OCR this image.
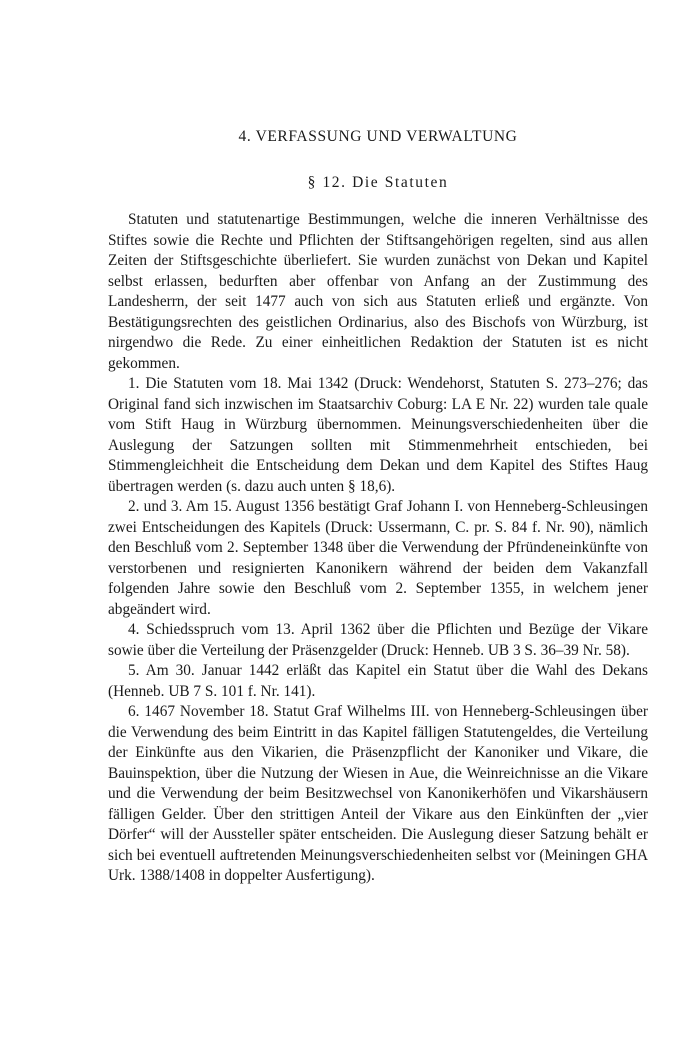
4. VERFASSUNG UND VERWALTUNG
§ 12. Die Statuten

Statuten und statutenartige Bestimmungen, welche die inneren Verhältnisse des Stiftes sowie die Rechte und Pflichten der Stiftsangehörigen regelten, sind aus allen Zeiten der Stiftsgeschichte überliefert. Sie wurden zunächst von Dekan und Kapitel selbst erlassen, bedurften aber offenbar von Anfang an der Zustimmung des Landesherrn, der seit 1477 auch von sich aus Statuten erließ und ergänzte. Von Bestätigungsrechten des geistlichen Ordinarius, also des Bischofs von Würzburg, ist nirgendwo die Rede. Zu einer einheitlichen Redaktion der Statuten ist es nicht gekommen.

1. Die Statuten vom 18. Mai 1342 (Druck: Wendehorst, Statuten S. 273–276; das Original fand sich inzwischen im Staatsarchiv Coburg: LA E Nr. 22) wurden tale quale vom Stift Haug in Würzburg übernommen. Meinungsverschiedenheiten über die Auslegung der Satzungen sollten mit Stimmenmehrheit entschieden, bei Stimmengleichheit die Entscheidung dem Dekan und dem Kapitel des Stiftes Haug übertragen werden (s. dazu auch unten § 18,6).

2. und 3. Am 15. August 1356 bestätigt Graf Johann I. von Henneberg-Schleusingen zwei Entscheidungen des Kapitels (Druck: Ussermann, C. pr. S. 84 f. Nr. 90), nämlich den Beschluß vom 2. September 1348 über die Verwendung der Pfründeneinkünfte von verstorbenen und resignierten Kanonikern während der beiden dem Vakanzfall folgenden Jahre sowie den Beschluß vom 2. September 1355, in welchem jener abgeändert wird.

4. Schiedsspruch vom 13. April 1362 über die Pflichten und Bezüge der Vikare sowie über die Verteilung der Präsenzgelder (Druck: Henneb. UB 3 S. 36–39 Nr. 58).

5. Am 30. Januar 1442 erläßt das Kapitel ein Statut über die Wahl des Dekans (Henneb. UB 7 S. 101 f. Nr. 141).

6. 1467 November 18. Statut Graf Wilhelms III. von Henneberg-Schleusingen über die Verwendung des beim Eintritt in das Kapitel fälligen Statutengeldes, die Verteilung der Einkünfte aus den Vikarien, die Präsenzpflicht der Kanoniker und Vikare, die Bauinspektion, über die Nutzung der Wiesen in Aue, die Weinreichnisse an die Vikare und die Verwendung der beim Besitzwechsel von Kanonikerhöfen und Vikarshäusern fälligen Gelder. Über den strittigen Anteil der Vikare aus den Einkünften der „vier Dörfer“ will der Aussteller später entscheiden. Die Auslegung dieser Satzung behält er sich bei eventuell auftretenden Meinungsverschiedenheiten selbst vor (Meiningen GHA Urk. 1388/1408 in doppelter Ausfertigung).
